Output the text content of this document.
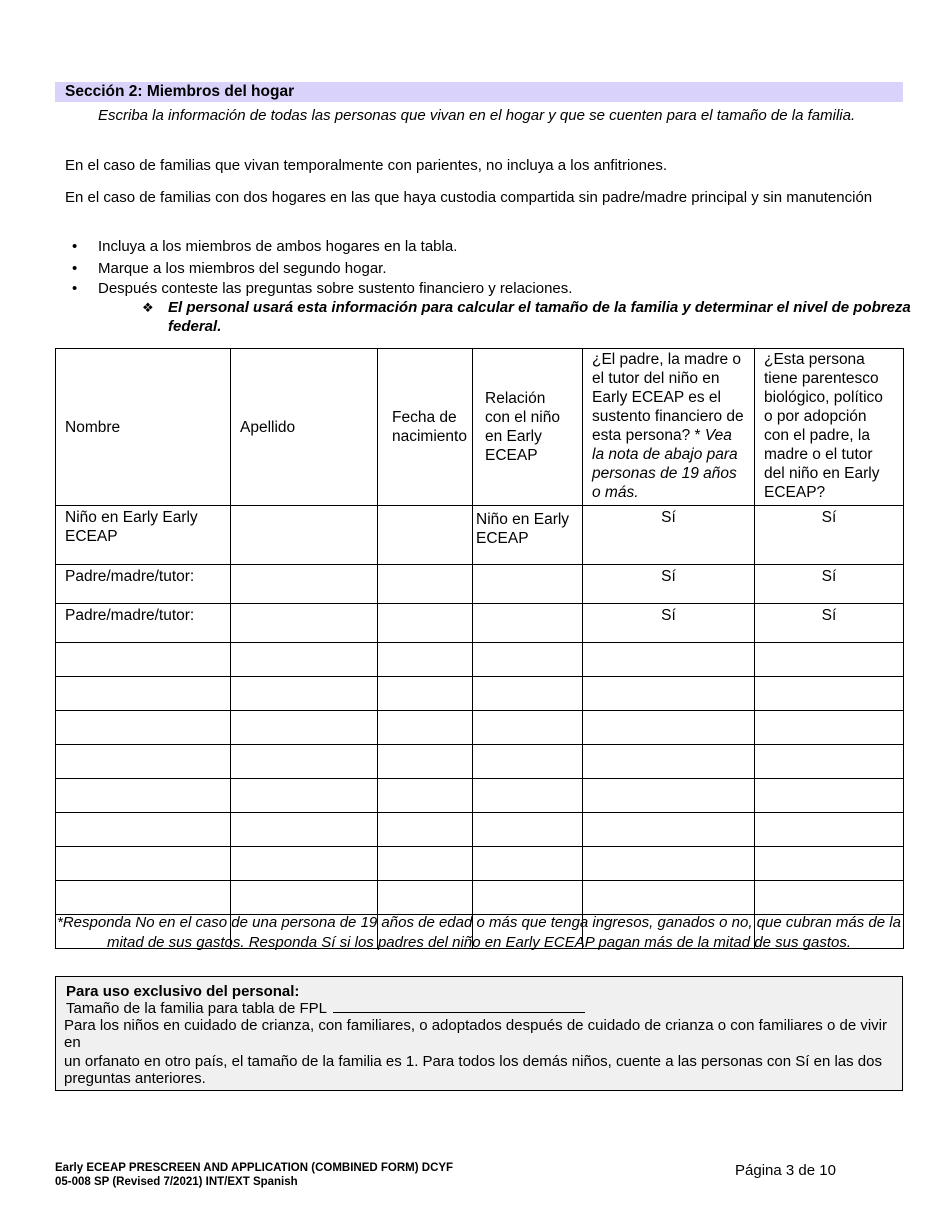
Sección 2: Miembros del hogar
Escriba la información de todas las personas que vivan en el hogar y que se cuenten para el tamaño de la familia.
En el caso de familias que vivan temporalmente con parientes, no incluya a los anfitriones.
En el caso de familias con dos hogares en las que haya custodia compartida sin padre/madre principal y sin manutención
• Incluya a los miembros de ambos hogares en la tabla.
• Marque a los miembros del segundo hogar.
• Después conteste las preguntas sobre sustento financiero y relaciones.
❖ El personal usará esta información para calcular el tamaño de la familia y determinar el nivel de pobreza federal.
Nombre	Apellido	Fecha de nacimiento	Relación con el niño en Early ECEAP	¿El padre, la madre o el tutor del niño en Early ECEAP es el sustento financiero de esta persona? * Vea la nota de abajo para personas de 19 años o más.	¿Esta persona tiene parentesco biológico, político o por adopción con el padre, la madre o el tutor del niño en Early ECEAP?
Niño en Early Early ECEAP			Niño en Early ECEAP	Sí	Sí
Padre/madre/tutor:				Sí	Sí
Padre/madre/tutor:				Sí	Sí

*Responda No en el caso de una persona de 19 años de edad o más que tenga ingresos, ganados o no, que cubran más de la mitad de sus gastos. Responda Sí si los padres del niño en Early ECEAP pagan más de la mitad de sus gastos.
Para uso exclusivo del personal:
Tamaño de la familia para tabla de FPL
Para los niños en cuidado de crianza, con familiares, o adoptados después de cuidado de crianza o con familiares o de vivir en
un orfanato en otro país, el tamaño de la familia es 1. Para todos los demás niños, cuente a las personas con Sí en las dos preguntas anteriores.
Early ECEAP PRESCREEN AND APPLICATION (COMBINED FORM) DCYF 05-008 SP (Revised 7/2021) INT/EXT Spanish
Página 3 de 10
